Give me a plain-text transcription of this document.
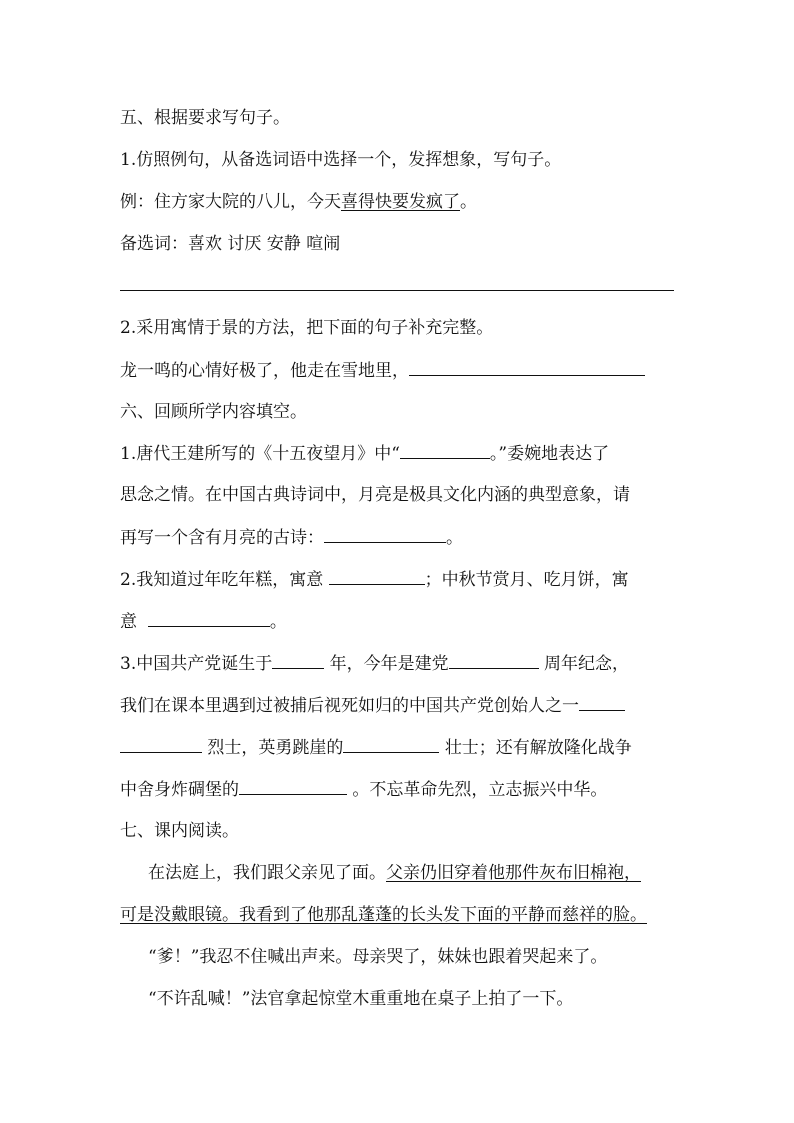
五、根据要求写句子。
1.仿照例句，从备选词语中选择一个，发挥想象，写句子。
例：住方家大院的八儿，今天喜得快要发疯了。
备选词：喜欢 讨厌 安静 喧闹
2.采用寓情于景的方法，把下面的句子补充完整。
龙一鸣的心情好极了，他走在雪地里，
六、回顾所学内容填空。
1.唐代王建所写的《十五夜望月》中“	。”委婉地表达了
思念之情。在中国古典诗词中，月亮是极具文化内涵的典型意象，请
再写一个含有月亮的古诗：	。
2.我知道过年吃年糕，寓意	；中秋节赏月、吃月饼，寓
意	。
3.中国共产党诞生于	年，今年是建党	周年纪念，
我们在课本里遇到过被捕后视死如归的中国共产党创始人之一
烈士，英勇跳崖的	壮士；还有解放隆化战争
中舍身炸碉堡的	。不忘革命先烈，立志振兴中华。
七、课内阅读。
在法庭上，我们跟父亲见了面。父亲仍旧穿着他那件灰布旧棉袍，
可是没戴眼镜。我看到了他那乱蓬蓬的长头发下面的平静而慈祥的脸。
“爹！”我忍不住喊出声来。母亲哭了，妹妹也跟着哭起来了。
“不许乱喊！”法官拿起惊堂木重重地在桌子上拍了一下。
